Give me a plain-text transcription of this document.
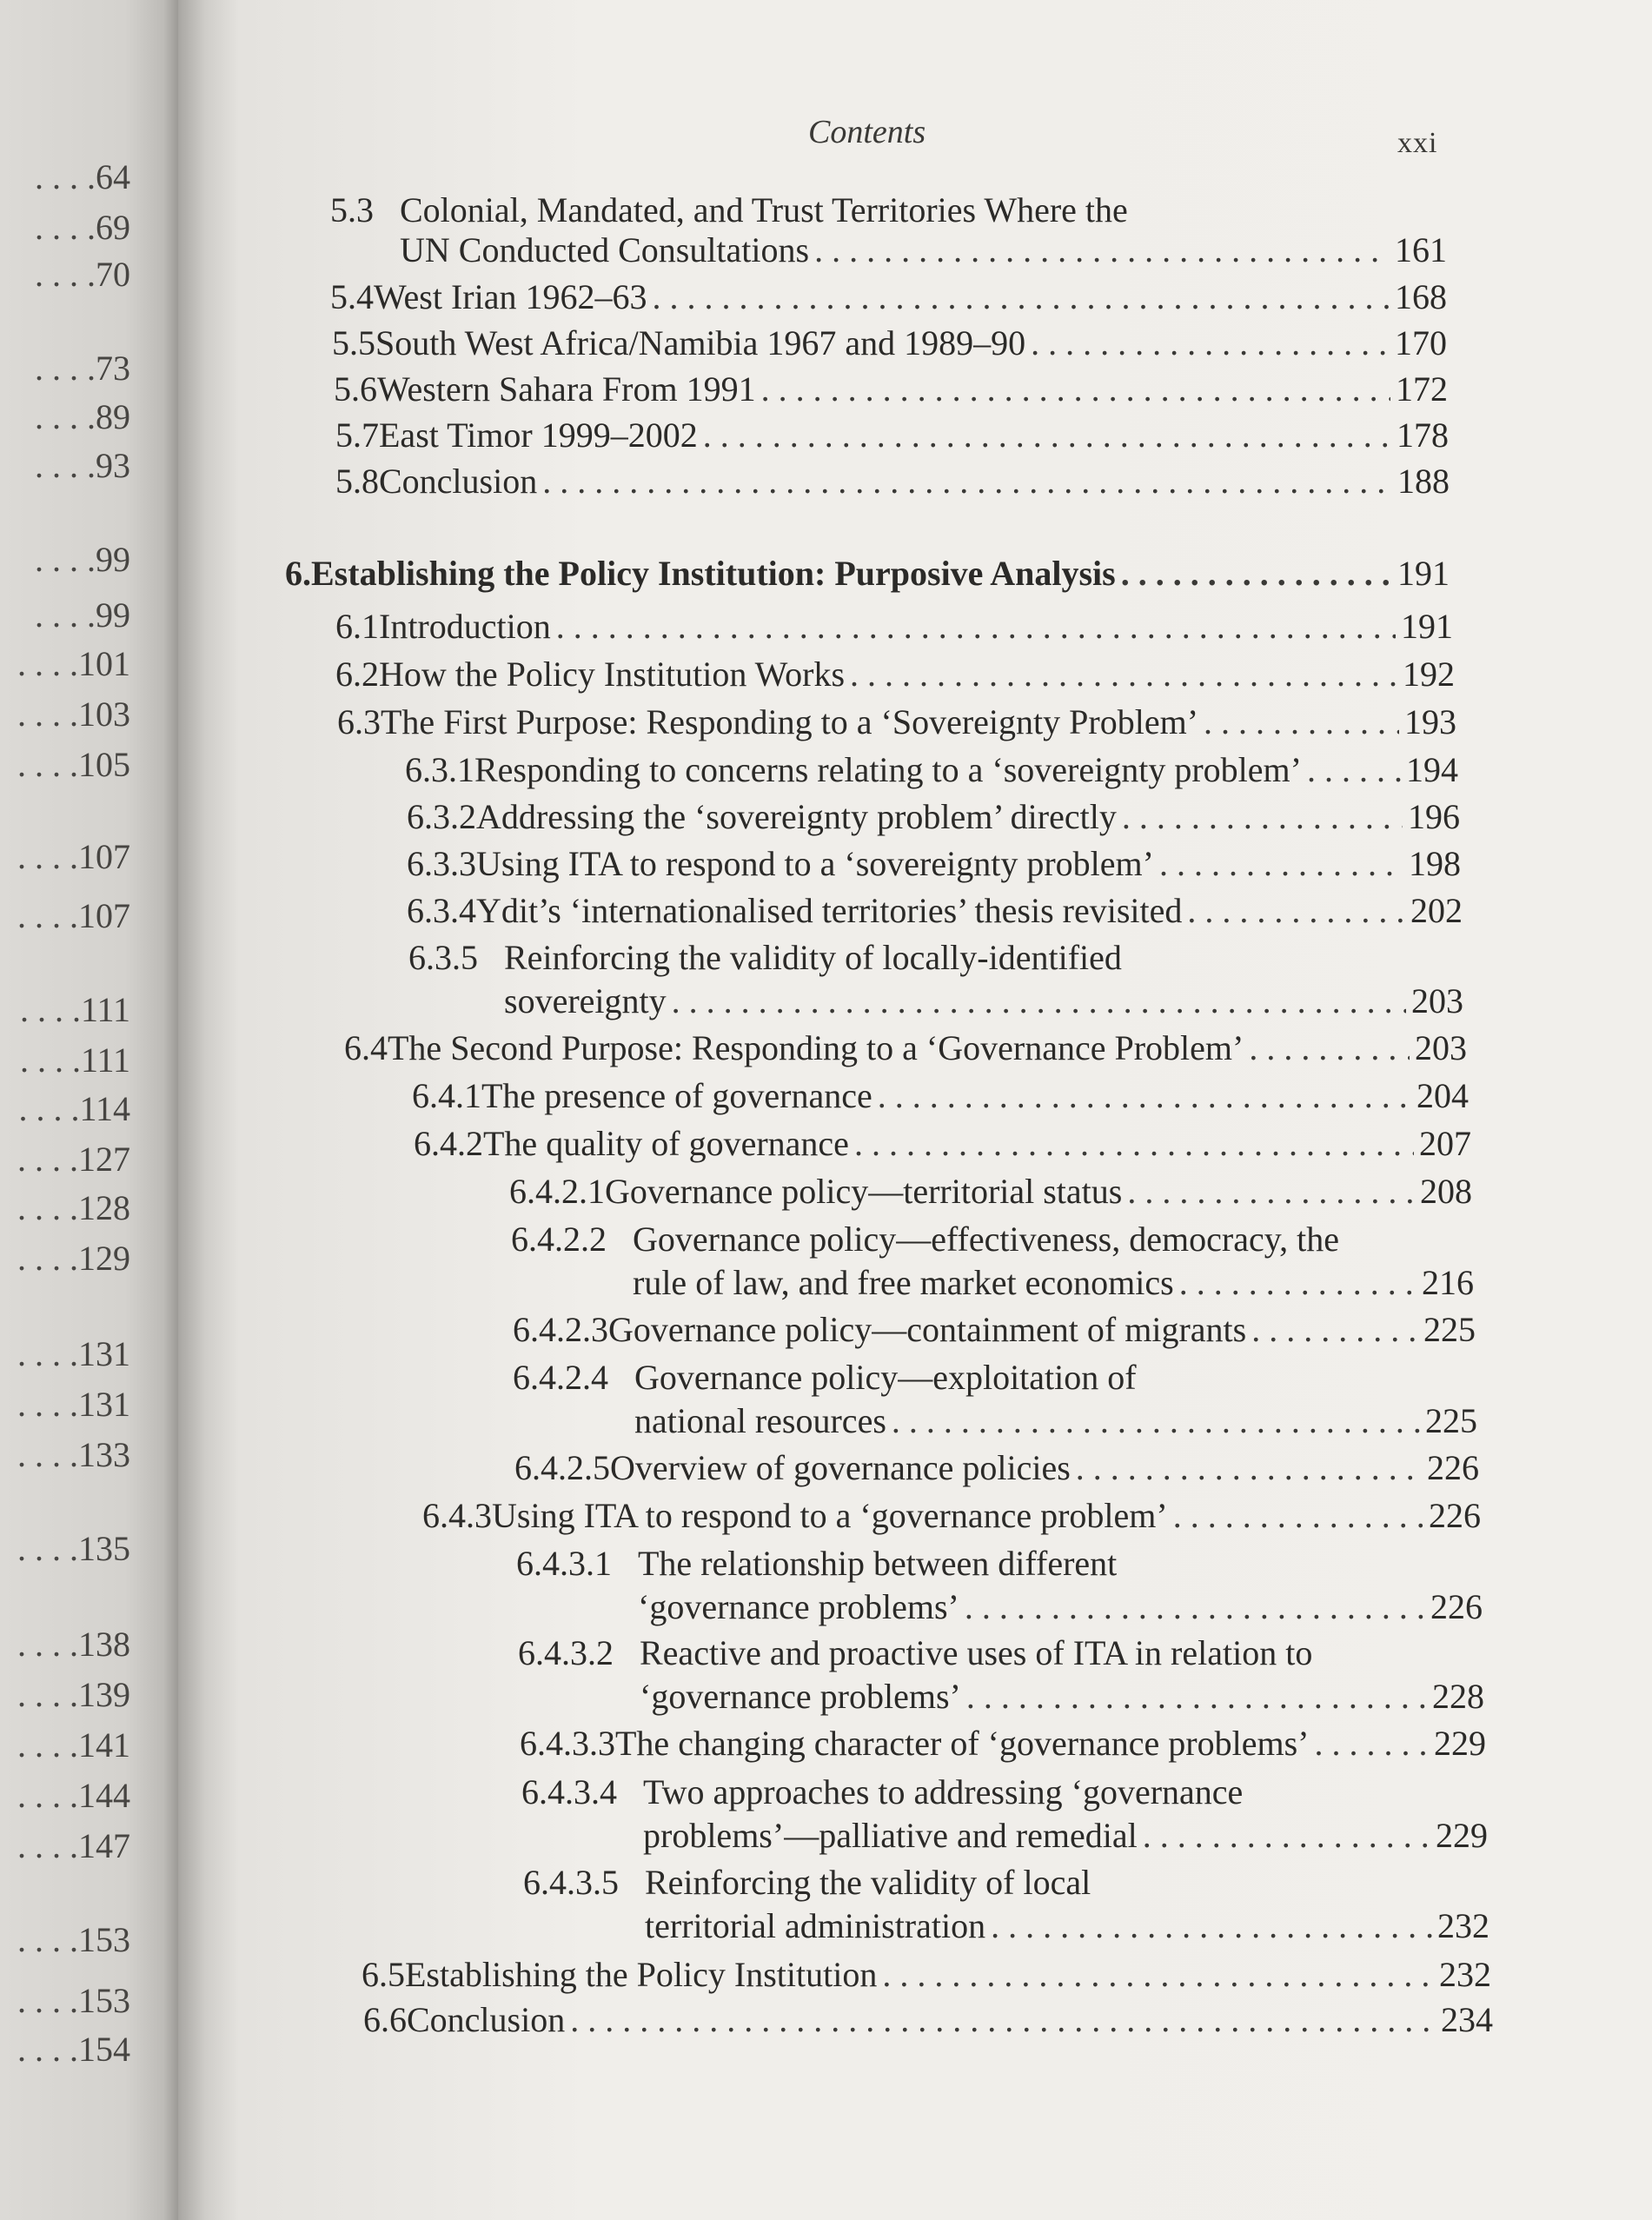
. . . .64
. . . .69
. . . .70
. . . .73
. . . .89
. . . .93
. . . .99
. . . .99
. . . .101
. . . .103
. . . .105
. . . .107
. . . .107
. . . .111
. . . .111
. . . .114
. . . .127
. . . .128
. . . .129
. . . .131
. . . .131
. . . .133
. . . .135
. . . .138
. . . .139
. . . .141
. . . .144
. . . .147
. . . .153
. . . .153
. . . .154
Contents	xxi
5.3 Colonial, Mandated, and Trust Territories Where the
UN Conducted Consultations . . .	161
5.4 West Irian 1962–63 . . .	168
5.5 South West Africa/Namibia 1967 and 1989–90 . . .	170
5.6 Western Sahara From 1991 . . .	172
5.7 East Timor 1999–2002 . . .	178
5.8 Conclusion . . .	188
6. Establishing the Policy Institution: Purposive Analysis . . .	191
6.1 Introduction . . .	191
6.2 How the Policy Institution Works . . .	192
6.3 The First Purpose: Responding to a ‘Sovereignty Problem’ . . .	193
6.3.1 Responding to concerns relating to a ‘sovereignty problem’ . . .	194
6.3.2 Addressing the ‘sovereignty problem’ directly . . .	196
6.3.3 Using ITA to respond to a ‘sovereignty problem’ . . .	198
6.3.4 Ydit’s ‘internationalised territories’ thesis revisited . . .	202
6.3.5 Reinforcing the validity of locally-identified
sovereignty . . .	203
6.4 The Second Purpose: Responding to a ‘Governance Problem’ . . .	203
6.4.1 The presence of governance . . .	204
6.4.2 The quality of governance . . .	207
6.4.2.1 Governance policy—territorial status . . .	208
6.4.2.2 Governance policy—effectiveness, democracy, the
rule of law, and free market economics . . .	216
6.4.2.3 Governance policy—containment of migrants . . .	225
6.4.2.4 Governance policy—exploitation of
national resources . . .	225
6.4.2.5 Overview of governance policies . . .	226
6.4.3 Using ITA to respond to a ‘governance problem’ . . .	226
6.4.3.1 The relationship between different
‘governance problems’ . . .	226
6.4.3.2 Reactive and proactive uses of ITA in relation to
‘governance problems’ . . .	228
6.4.3.3 The changing character of ‘governance problems’ . . .	229
6.4.3.4 Two approaches to addressing ‘governance
problems’—palliative and remedial . . .	229
6.4.3.5 Reinforcing the validity of local
territorial administration . . .	232
6.5 Establishing the Policy Institution . . .	232
6.6 Conclusion . . .	234
